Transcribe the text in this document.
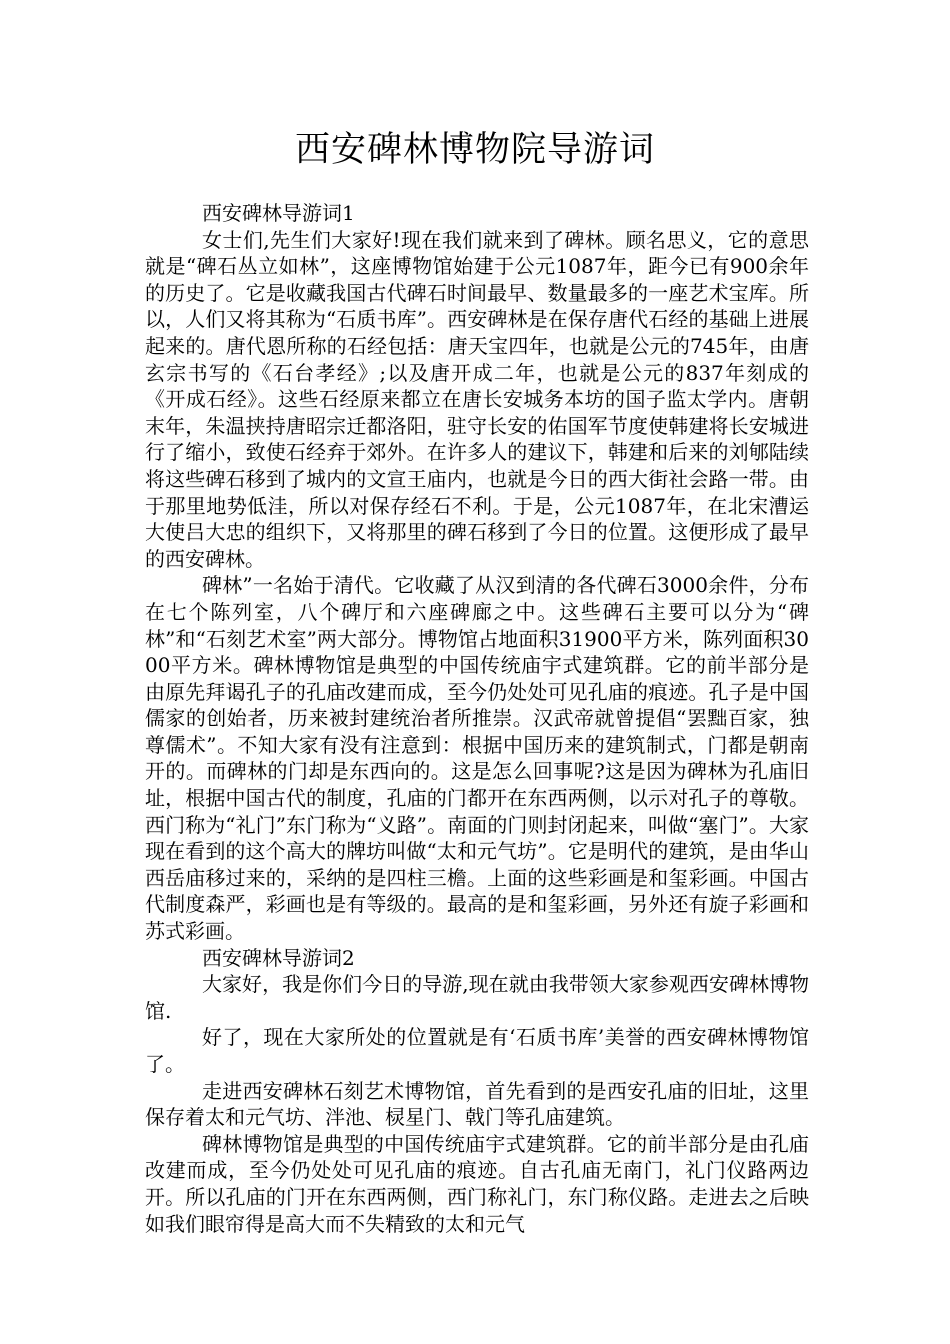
西安碑林博物院导游词

西安碑林导游词1

女士们,先生们大家好!现在我们就来到了碑林。顾名思义，它的意思就是“碑石丛立如林”，这座博物馆始建于公元1087年，距今已有900余年的历史了。它是收藏我国古代碑石时间最早、数量最多的一座艺术宝库。所以，人们又将其称为“石质书库”。西安碑林是在保存唐代石经的基础上进展起来的。唐代恩所称的石经包括：唐天宝四年，也就是公元的745年，由唐玄宗书写的《石台孝经》;以及唐开成二年，也就是公元的837年刻成的《开成石经》。这些石经原来都立在唐长安城务本坊的国子监太学内。唐朝末年，朱温挟持唐昭宗迁都洛阳，驻守长安的佑国军节度使韩建将长安城进行了缩小，致使石经弃于郊外。在许多人的建议下，韩建和后来的刘郇陆续将这些碑石移到了城内的文宣王庙内，也就是今日的西大街社会路一带。由于那里地势低洼，所以对保存经石不利。于是，公元1087年，在北宋漕运大使吕大忠的组织下，又将那里的碑石移到了今日的位置。这便形成了最早的西安碑林。

碑林”一名始于清代。它收藏了从汉到清的各代碑石3000余件，分布在七个陈列室，八个碑厅和六座碑廊之中。这些碑石主要可以分为“碑林”和“石刻艺术室”两大部分。博物馆占地面积31900平方米，陈列面积3000平方米。碑林博物馆是典型的中国传统庙宇式建筑群。它的前半部分是由原先拜谒孔子的孔庙改建而成，至今仍处处可见孔庙的痕迹。孔子是中国儒家的创始者，历来被封建统治者所推崇。汉武帝就曾提倡“罢黜百家，独尊儒术”。不知大家有没有注意到：根据中国历来的建筑制式，门都是朝南开的。而碑林的门却是东西向的。这是怎么回事呢?这是因为碑林为孔庙旧址，根据中国古代的制度，孔庙的门都开在东西两侧，以示对孔子的尊敬。西门称为“礼门”东门称为“义路”。南面的门则封闭起来，叫做“塞门”。大家现在看到的这个高大的牌坊叫做“太和元气坊”。它是明代的建筑，是由华山西岳庙移过来的，采纳的是四柱三檐。上面的这些彩画是和玺彩画。中国古代制度森严，彩画也是有等级的。最高的是和玺彩画，另外还有旋子彩画和苏式彩画。

西安碑林导游词2

大家好，我是你们今日的导游,现在就由我带领大家参观西安碑林博物馆.

好了，现在大家所处的位置就是有‘石质书库’美誉的西安碑林博物馆了。

走进西安碑林石刻艺术博物馆，首先看到的是西安孔庙的旧址，这里保存着太和元气坊、泮池、棂星门、戟门等孔庙建筑。

碑林博物馆是典型的中国传统庙宇式建筑群。它的前半部分是由孔庙改建而成，至今仍处处可见孔庙的痕迹。自古孔庙无南门，礼门仪路两边开。所以孔庙的门开在东西两侧，西门称礼门，东门称仪路。走进去之后映如我们眼帘得是高大而不失精致的太和元气
